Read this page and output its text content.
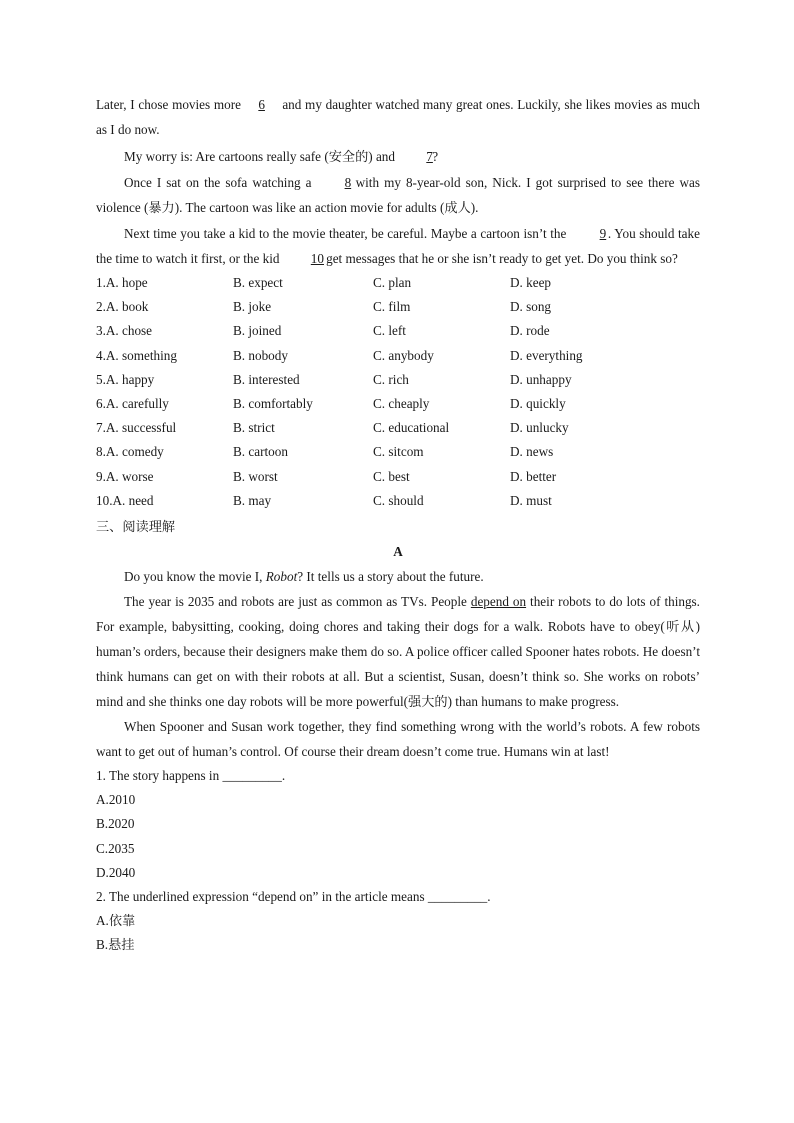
Later, I chose movies more 6 and my daughter watched many great ones. Luckily, she likes movies as much as I do now.

My worry is: Are cartoons really safe (安全的) and 7?

Once I sat on the sofa watching a 8 with my 8-year-old son, Nick. I got surprised to see there was violence (暴力). The cartoon was like an action movie for adults (成人).

Next time you take a kid to the movie theater, be careful. Maybe a cartoon isn’t the 9 . You should take the time to watch it first, or the kid 10 get messages that he or she isn’t ready to get yet. Do you think so?

1.A. hope	B. expect	C. plan	D. keep
2.A. book	B. joke	C. film	D. song
3.A. chose	B. joined	C. left	D. rode
4.A. something	B. nobody	C. anybody	D. everything
5.A. happy	B. interested	C. rich	D. unhappy
6.A. carefully	B. comfortably	C. cheaply	D. quickly
7.A. successful	B. strict	C. educational	D. unlucky
8.A. comedy	B. cartoon	C. sitcom	D. news
9.A. worse	B. worst	C. best	D. better
10.A. need	B. may	C. should	D. must
三、阅读理解
A

Do you know the movie I, Robot? It tells us a story about the future.

The year is 2035 and robots are just as common as TVs. People depend on their robots to do lots of things. For example, babysitting, cooking, doing chores and taking their dogs for a walk. Robots have to obey(听从) human’s orders, because their designers make them do so. A police officer called Spooner hates robots. He doesn’t think humans can get on with their robots at all. But a scientist, Susan, doesn’t think so. She works on robots’ mind and she thinks one day robots will be more powerful(强大的) than humans to make progress.

When Spooner and Susan work together, they find something wrong with the world’s robots. A few robots want to get out of human’s control. Of course their dream doesn’t come true. Humans win at last!

1. The story happens in _________.
A.2010
B.2020
C.2035
D.2040
2. The underlined expression “depend on” in the article means _________.
A.依靠
B.悬挂
